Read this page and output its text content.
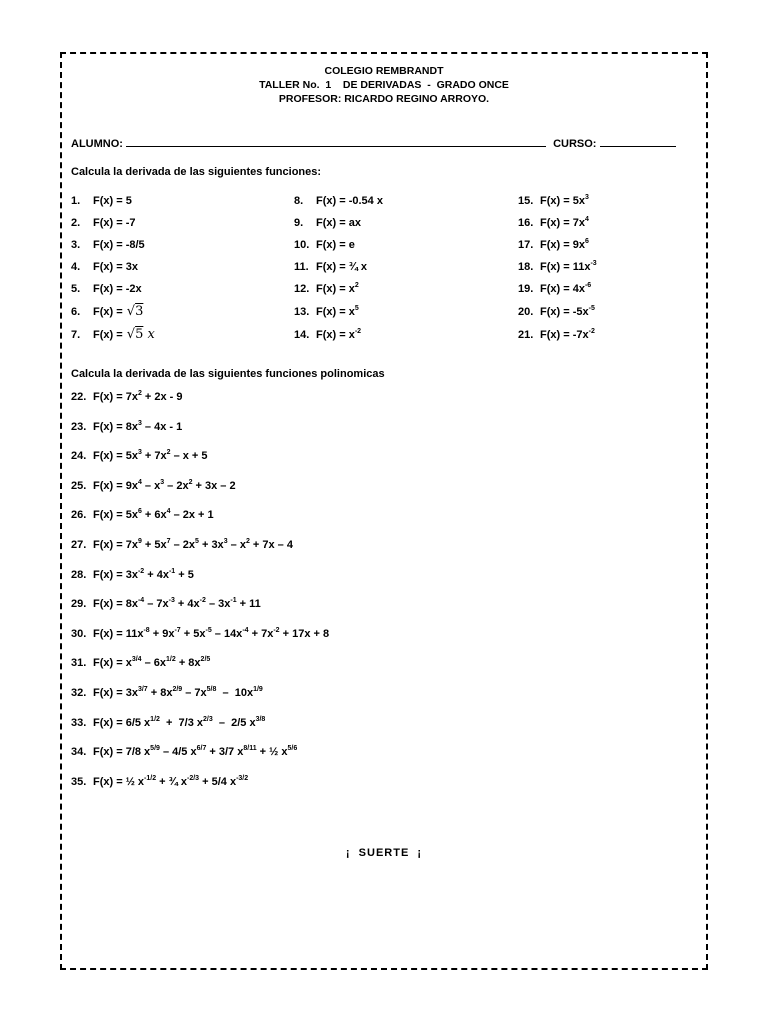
COLEGIO REMBRANDT
TALLER No.  1    DE DERIVADAS  -  GRADO ONCE
PROFESOR: RICARDO REGINO ARROYO.
ALUMNO:	CURSO:
Calcula la derivada de las siguientes funciones:
1. F(x) = 5
2. F(x) = -7
3. F(x) = -8/5
4. F(x) = 3x
5. F(x) = -2x
6. F(x) = √3
7. F(x) = √5 x
8. F(x) = -0.54 x
9. F(x) = ax
10. F(x) = e
11. F(x) = ¾ x
12. $F(x) = x^2$
13. $F(x) = x^5$
14. $F(x) = x^{-2}$
15. $F(x) = 5x^3$
16. $F(x) = 7x^4$
17. $F(x) = 9x^6$
18. $F(x) = 11x^{-3}$
19. $F(x) = 4x^{-6}$
20. $F(x) = -5x^{-5}$
21. $F(x) = -7x^{-2}$
Calcula la derivada de las siguientes funciones polinomicas
22. $F(x) = 7x^2 + 2x - 9$
23. $F(x) = 8x^3 - 4x - 1$
24. $F(x) = 5x^3 + 7x^2 - x + 5$
25. $F(x) = 9x^4 - x^3 - 2x^2 + 3x - 2$
26. $F(x) = 5x^6 + 6x^4 - 2x + 1$
27. $F(x) = 7x^9 + 5x^7 - 2x^5 + 3x^3 - x^2 + 7x - 4$
28. $F(x) = 3x^{-2} + 4x^{-1} + 5$
29. $F(x) = 8x^{-4} - 7x^{-3} + 4x^{-2} - 3x^{-1} + 11$
30. $F(x) = 11x^{-8} + 9x^{-7} + 5x^{-5} - 14x^{-4} + 7x^{-2} + 17x + 8$
31. $F(x) = x^{3/4} - 6x^{1/2} + 8x^{2/5}$
32. $F(x) = 3x^{3/7} + 8x^{2/9} - 7x^{5/8} - 10x^{1/9}$
33. F(x) = 6/5 $x^{1/2} + 7/3$ $x^{2/3} - 2/5$ $x^{3/8}$
34. F(x) = 7/8 $x^{5/9} - 4/5$ $x^{6/7} + 3/7$ $x^{8/11}$ + ½ $x^{5/6}$
35. F(x) = ½ $x^{-1/2}$ + ¾ $x^{-2/3} + 5/4$ $x^{-3/2}$
¡  SUERTE  ¡
